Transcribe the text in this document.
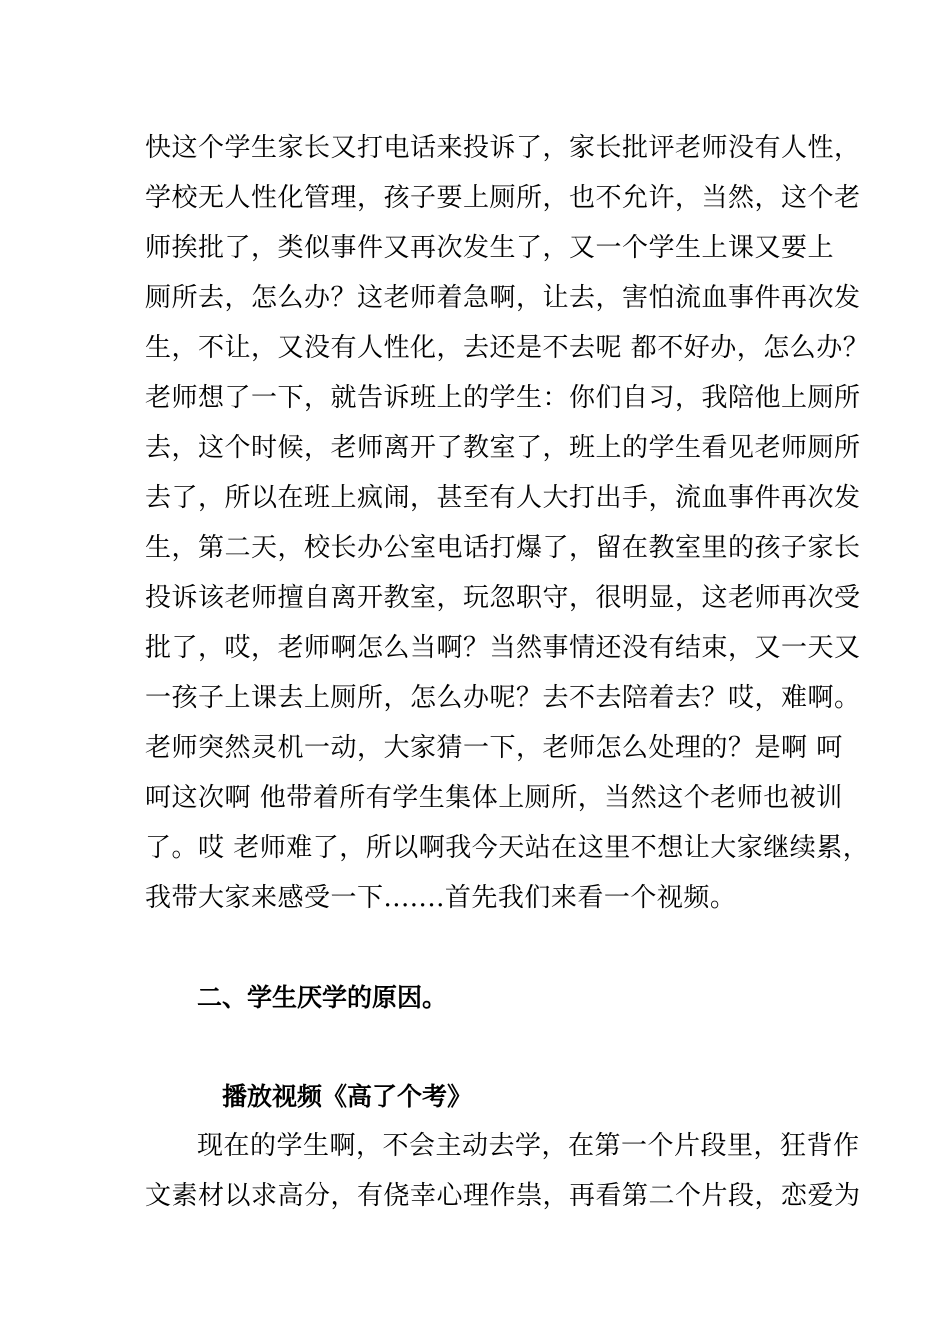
快这个学生家长又打电话来投诉了，家长批评老师没有人性，
学校无人性化管理，孩子要上厕所，也不允许，当然，这个老
师挨批了，类似事件又再次发生了，又一个学生上课又要上
厕所去，怎么办？这老师着急啊，让去，害怕流血事件再次发
生，不让，又没有人性化，去还是不去呢 都不好办，怎么办？
老师想了一下，就告诉班上的学生：你们自习，我陪他上厕所
去，这个时候，老师离开了教室了，班上的学生看见老师厕所
去了，所以在班上疯闹，甚至有人大打出手，流血事件再次发
生，第二天，校长办公室电话打爆了，留在教室里的孩子家长
投诉该老师擅自离开教室，玩忽职守，很明显，这老师再次受
批了，哎，老师啊怎么当啊？当然事情还没有结束，又一天又
一孩子上课去上厕所，怎么办呢？去不去陪着去？哎，难啊。
老师突然灵机一动，大家猜一下，老师怎么处理的？是啊 呵
呵这次啊 他带着所有学生集体上厕所，当然这个老师也被训
了。哎 老师难了，所以啊我今天站在这里不想让大家继续累，
我带大家来感受一下.......首先我们来看一个视频。
二、学生厌学的原因。
播放视频《高了个考》
现在的学生啊，不会主动去学，在第一个片段里，狂背作
文素材以求高分，有侥幸心理作祟，再看第二个片段，恋爱为
